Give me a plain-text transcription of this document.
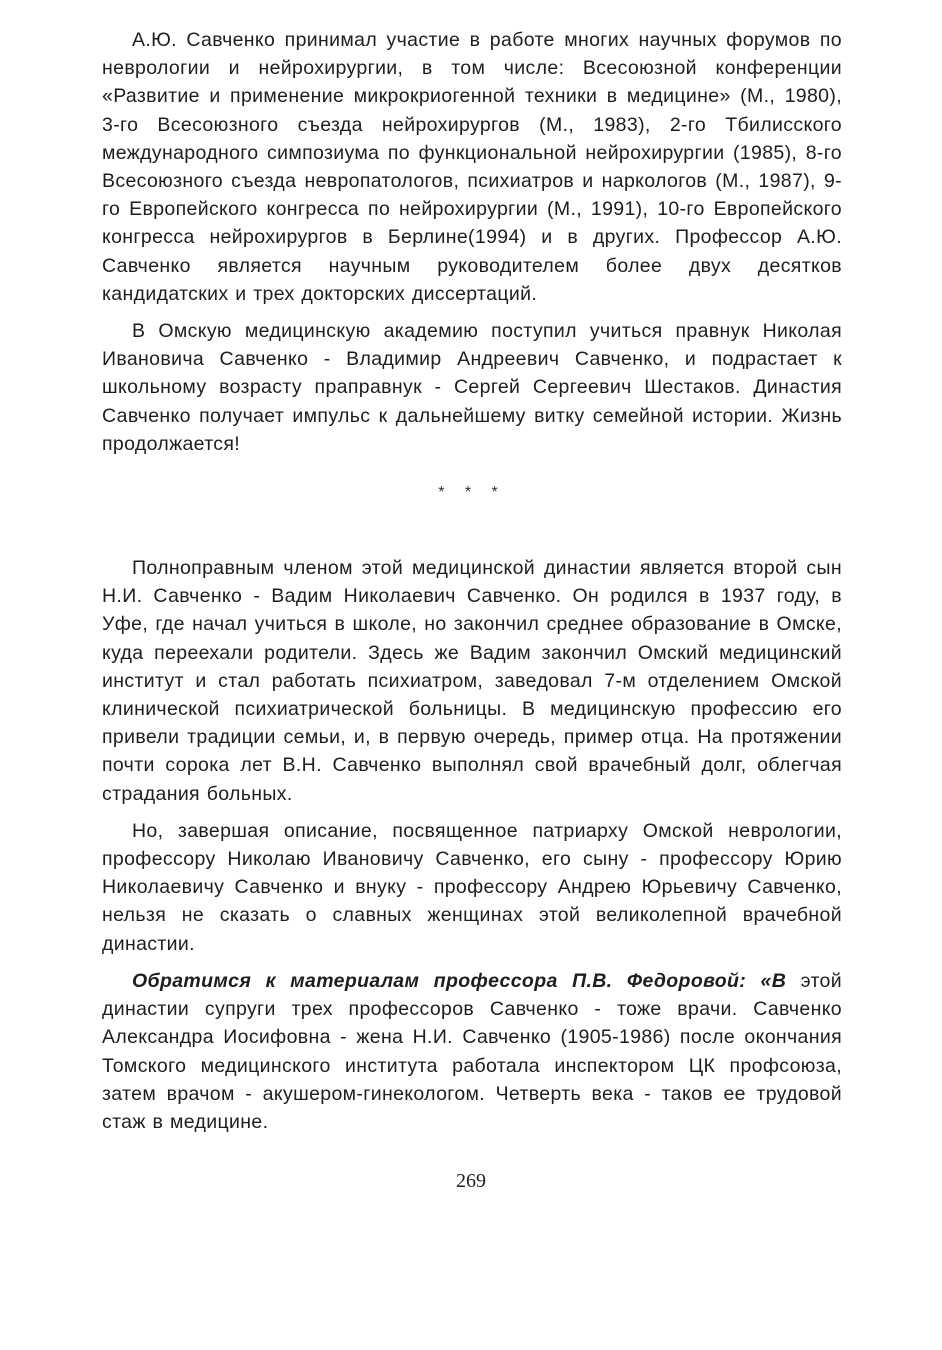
А.Ю. Савченко принимал участие в работе многих научных форумов по неврологии и нейрохирургии, в том числе: Всесоюзной конференции «Развитие и применение микрокриогенной техники в медицине» (М., 1980), 3-го Всесоюзного съезда нейрохирургов (М., 1983), 2-го Тбилисского международного симпозиума по функциональной нейрохирургии (1985), 8-го Всесоюзного съезда невропатологов, психиатров и наркологов (М., 1987), 9-го Европейского конгресса по нейрохирургии (М., 1991), 10-го Европейского конгресса нейрохирургов в Берлине(1994) и в других. Профессор А.Ю. Савченко является научным руководителем более двух десятков кандидатских и трех докторских диссертаций.

В Омскую медицинскую академию поступил учиться правнук Николая Ивановича Савченко - Владимир Андреевич Савченко, и подрастает к школьному возрасту праправнук - Сергей Сергеевич Шестаков. Династия Савченко получает импульс к дальнейшему витку семейной истории. Жизнь продолжается!

* * *

Полноправным членом этой медицинской династии является второй сын Н.И. Савченко - Вадим Николаевич Савченко. Он родился в 1937 году, в Уфе, где начал учиться в школе, но закончил среднее образование в Омске, куда переехали родители. Здесь же Вадим закончил Омский медицинский институт и стал работать психиатром, заведовал 7-м отделением Омской клинической психиатрической больницы. В медицинскую профессию его привели традиции семьи, и, в первую очередь, пример отца. На протяжении почти сорока лет В.Н. Савченко выполнял свой врачебный долг, облегчая страдания больных.

Но, завершая описание, посвященное патриарху Омской неврологии, профессору Николаю Ивановичу Савченко, его сыну - профессору Юрию Николаевичу Савченко и внуку - профессору Андрею Юрьевичу Савченко, нельзя не сказать о славных женщинах этой великолепной врачебной династии.

Обратимся к материалам профессора П.В. Федоровой: «В этой династии супруги трех профессоров Савченко - тоже врачи. Савченко Александра Иосифовна - жена Н.И. Савченко (1905-1986) после окончания Томского медицинского института работала инспектором ЦК профсоюза, затем врачом - акушером-гинекологом. Четверть века - таков ее трудовой стаж в медицине.

269
